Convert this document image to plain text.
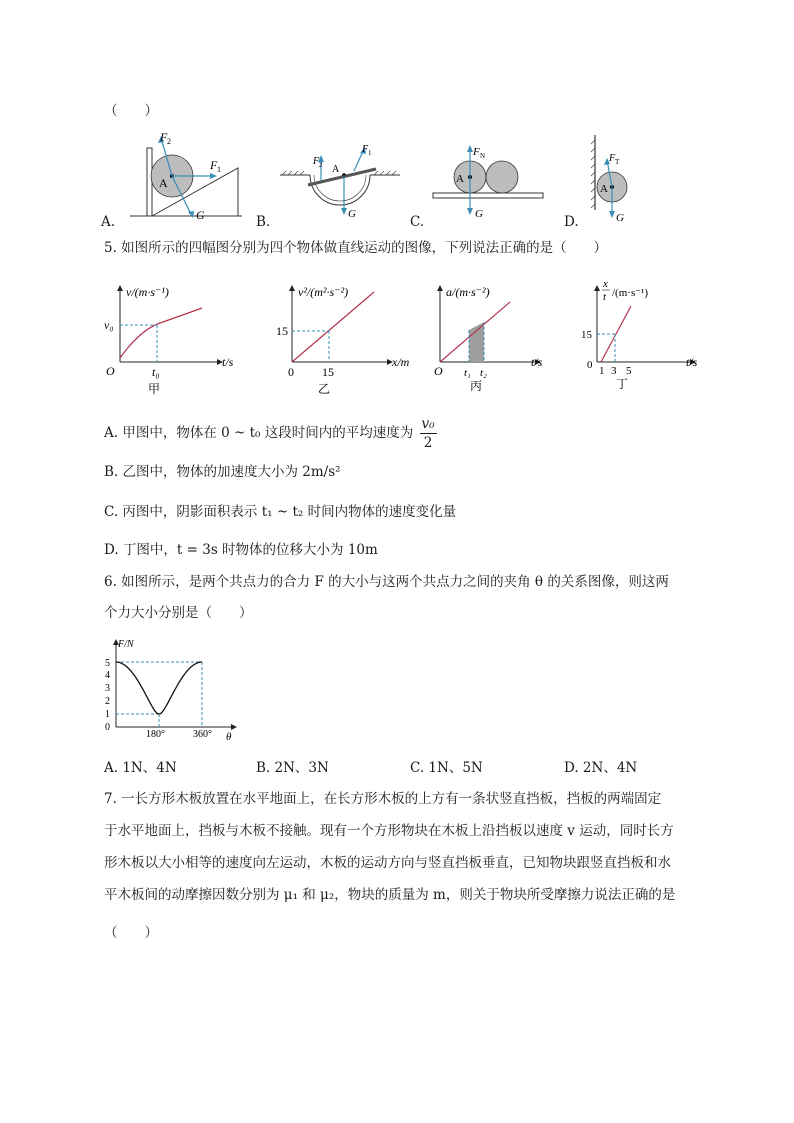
（　　）
F 2
F 1
A
G
A.
F 2
F 1
A
G
B.
F N
A
G
C.
F T
A
G
D.
5. 如图所示的四幅图分别为四个物体做直线运动的图像，下列说法正确的是（　　）
v/(m·s⁻¹)
t/s
O
v₀
t₀
甲
v²/(m²·s⁻²)
x/m
0
15
15
乙
a/(m·s⁻²)
t/s
O t₁ t₂
丙
x
t /(m·s⁻¹)
t/s
0
15
1 3 5
丁
A. 甲图中，物体在 0 ~ t₀ 这段时间内的平均速度为 $\frac{\text{v₀}}{2}$
B. 乙图中，物体的加速度大小为 2m/s²
C. 丙图中，阴影面积表示 t₁ ~ t₂ 时间内物体的速度变化量
D. 丁图中，t = 3s 时物体的位移大小为 10m
6. 如图所示，是两个共点力的合力 F 的大小与这两个共点力之间的夹角 θ 的关系图像，则这两
个力大小分别是（　　）
F/N
θ
5
4
3
2
1
0
180°	360°
A. 1N、4N	B. 2N、3N	C. 1N、5N	D. 2N、4N
7. 一长方形木板放置在水平地面上，在长方形木板的上方有一条状竖直挡板，挡板的两端固定
于水平地面上，挡板与木板不接触。现有一个方形物块在木板上沿挡板以速度 v 运动，同时长方
形木板以大小相等的速度向左运动，木板的运动方向与竖直挡板垂直，已知物块跟竖直挡板和水
平木板间的动摩擦因数分别为 μ₁ 和 μ₂，物块的质量为 m，则关于物块所受摩擦力说法正确的是
（　　）
